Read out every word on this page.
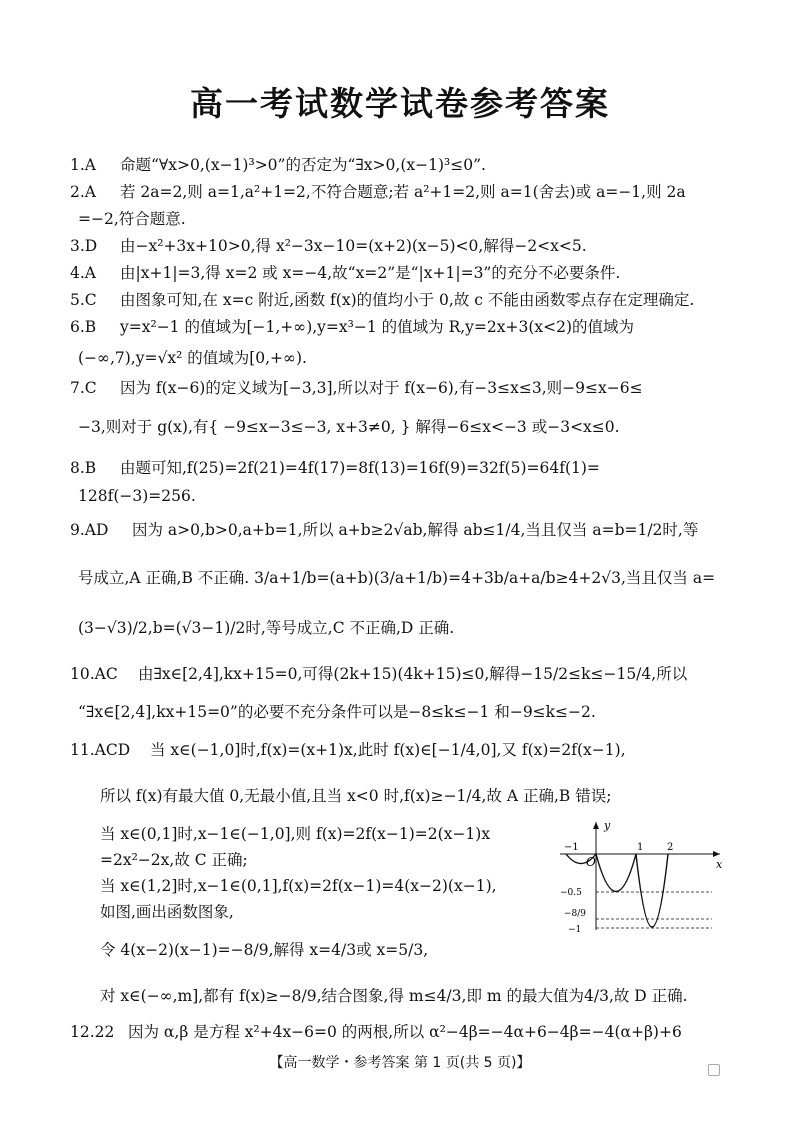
高一考试数学试卷参考答案
1.A 命题“∀x>0,(x−1)³>0”的否定为“∃x>0,(x−1)³≤0”.
2.A 若 2a=2,则 a=1,a²+1=2,不符合题意;若 a²+1=2,则 a=1(舍去)或 a=−1,则 2a
=−2,符合题意.
3.D 由−x²+3x+10>0,得 x²−3x−10=(x+2)(x−5)<0,解得−2<x<5.
4.A 由|x+1|=3,得 x=2 或 x=−4,故“x=2”是“|x+1|=3”的充分不必要条件.
5.C 由图象可知,在 x=c 附近,函数 f(x)的值均小于 0,故 c 不能由函数零点存在定理确定.
6.B y=x²−1 的值域为[−1,+∞),y=x³−1 的值域为 R,y=2x+3(x<2)的值域为
(−∞,7),y=√x² 的值域为[0,+∞).
7.C 因为 f(x−6)的定义域为[−3,3],所以对于 f(x−6),有−3≤x≤3,则−9≤x−6≤
−3,则对于 g(x),有{ −9≤x−3≤−3, x+3≠0, } 解得−6≤x<−3 或−3<x≤0.
8.B 由题可知,f(25)=2f(21)=4f(17)=8f(13)=16f(9)=32f(5)=64f(1)=
128f(−3)=256.
9.AD 因为 a>0,b>0,a+b=1,所以 a+b≥2√ab,解得 ab≤1/4,当且仅当 a=b=1/2时,等
号成立,A 正确,B 不正确. 3/a+1/b=(a+b)(3/a+1/b)=4+3b/a+a/b≥4+2√3,当且仅当 a=
(3−√3)/2,b=(√3−1)/2时,等号成立,C 不正确,D 正确.
10.AC 由∃x∈[2,4],kx+15=0,可得(2k+15)(4k+15)≤0,解得−15/2≤k≤−15/4,所以
“∃x∈[2,4],kx+15=0”的必要不充分条件可以是−8≤k≤−1 和−9≤k≤−2.
11.ACD 当 x∈(−1,0]时,f(x)=(x+1)x,此时 f(x)∈[−1/4,0],又 f(x)=2f(x−1),
所以 f(x)有最大值 0,无最小值,且当 x<0 时,f(x)≥−1/4,故 A 正确,B 错误;
当 x∈(0,1]时,x−1∈(−1,0],则 f(x)=2f(x−1)=2(x−1)x
=2x²−2x,故 C 正确;
当 x∈(1,2]时,x−1∈(0,1],f(x)=2f(x−1)=4(x−2)(x−1),
如图,画出函数图象,
令 4(x−2)(x−1)=−8/9,解得 x=4/3或 x=5/3,
对 x∈(−∞,m],都有 f(x)≥−8/9,结合图象,得 m≤4/3,即 m 的最大值为4/3,故 D 正确.
12.22 因为 α,β 是方程 x²+4x−6=0 的两根,所以 α²−4β=−4α+6−4β=−4(α+β)+6
y
x
O
−1	1 2
−0.5
−8/9
−1
【高一数学・参考答案 第 1 页(共 5 页)】
